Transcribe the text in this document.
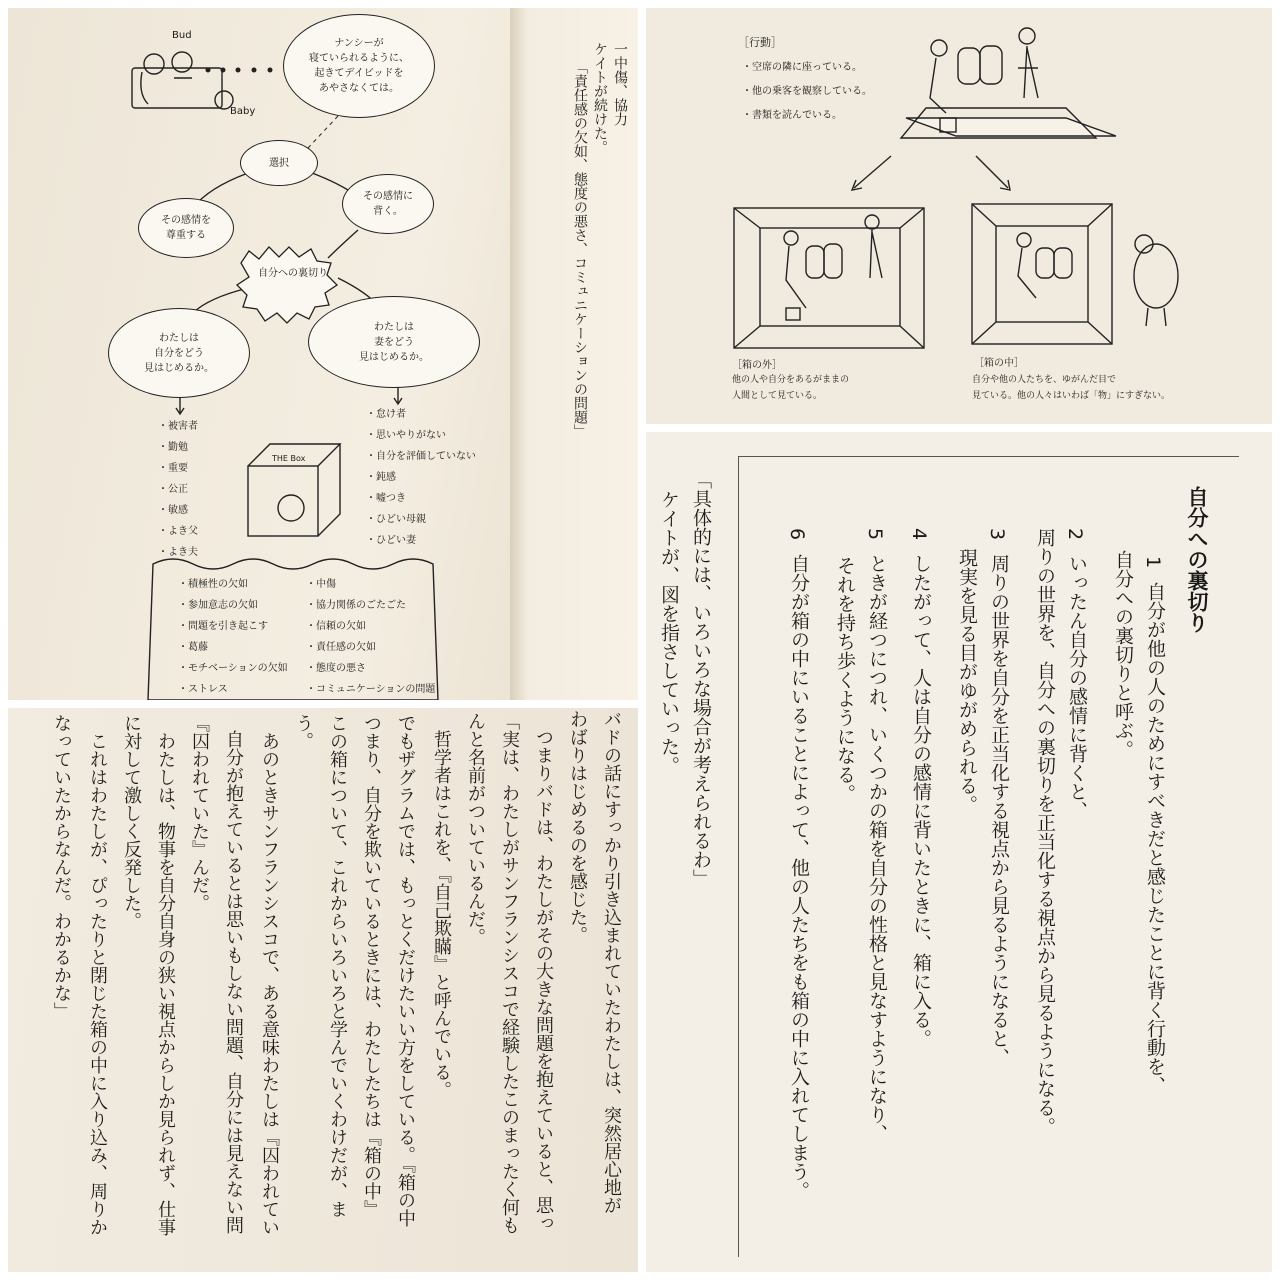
Bud
Baby
ナンシーが
寝ていられるように、
起きてデイビッドを
あやさなくては。
選択
その感情を
尊重する
その感情に
背く。
自分への裏切り
わたしは
自分をどう
見はじめるか。
わたしは
妻をどう
見はじめるか。
・被害者
・勤勉
・重要
・公正
・敏感
・よき父
・よき夫
・怠け者
・思いやりがない
・自分を評価していない
・鈍感
・嘘つき
・ひどい母親
・ひどい妻
THE Box
・積極性の欠如
・参加意志の欠如
・問題を引き起こす
・葛藤
・モチベーションの欠如
・ストレス
・中傷
・協力関係のごたごた
・信頼の欠如
・責任感の欠如
・態度の悪さ
・コミュニケーションの問題
一中傷、協力
ケイトが続けた。
「責任感の欠如、態度の悪さ、コミュニケーションの問題」
［行動］
・空席の隣に座っている。
・他の乗客を観察している。
・書類を読んでいる。
［箱の外］
他の人や自分をあるがままの
人間として見ている。
［箱の中］
自分や他の人たちを、ゆがんだ目で
見ている。他の人々はいわば「物」にすぎない。
自分への裏切り
1
自分が他の人のためにすべきだと感じたことに背く行動を、
自分への裏切りと呼ぶ。
2
いったん自分の感情に背くと、
周りの世界を、自分への裏切りを正当化する視点から見るようになる。
3
周りの世界を自分を正当化する視点から見るようになると、
現実を見る目がゆがめられる。
4
したがって、人は自分の感情に背いたときに、箱に入る。
5
ときが経つにつれ、いくつかの箱を自分の性格と見なすようになり、
それを持ち歩くようになる。
6
自分が箱の中にいることによって、他の人たちをも箱の中に入れてしまう。
「具体的には、いろいろな場合が考えられるわ」
ケイトが、図を指さしていった。
バドの話にすっかり引き込まれていたわたしは、突然居心地が
わばりはじめるのを感じた。
つまりバドは、わたしがその大きな問題を抱えていると、思っ
「実は、わたしがサンフランシスコで経験したこのまったく何も
んと名前がついているんだ。
哲学者はこれを、『自己欺瞞』と呼んでいる。
でもザグラムでは、もっとくだけたいい方をしている。『箱の中
つまり、自分を欺いているときには、わたしたちは『箱の中』
この箱について、これからいろいろと学んでいくわけだが、ま
う。
あのときサンフランシスコで、ある意味わたしは『囚われてい
自分が抱えているとは思いもしない問題、自分には見えない問
『囚われていた』んだ。
わたしは、物事を自分自身の狭い視点からしか見られず、仕事
に対して激しく反発した。
これはわたしが、ぴったりと閉じた箱の中に入り込み、周りか
なっていたからなんだ。わかるかな」
